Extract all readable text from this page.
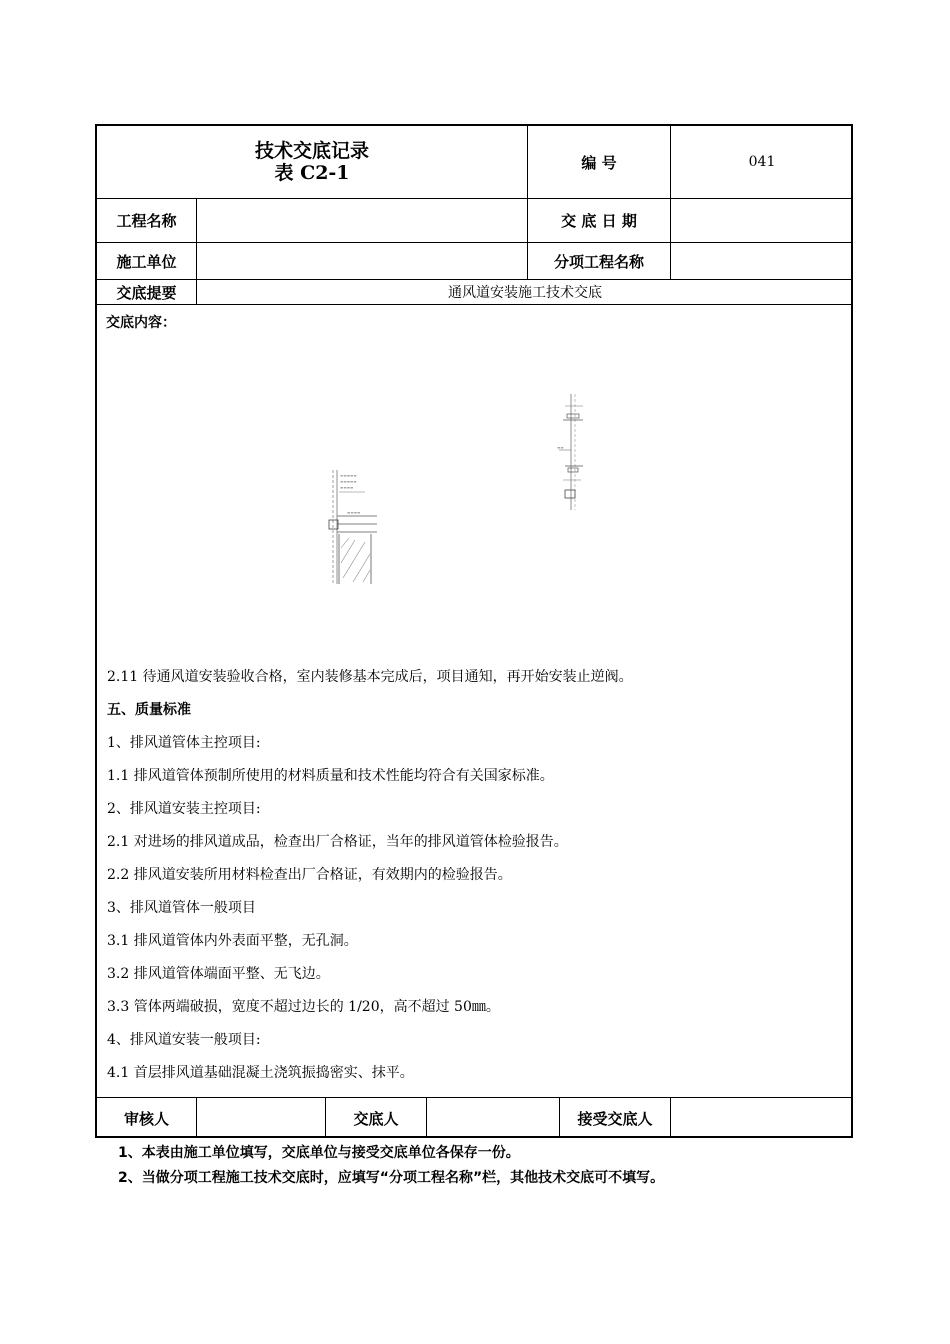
技术交底记录
表 C2-1	编 号	041
工程名称	交 底 日 期
施工单位	分项工程名称
交底提要	通风道安装施工技术交底
交底内容：
≡≡≡≡≡
≡≡≡≡≡
≡≡≡≡
≡≡≡≡
≡≡
2.11 待通风道安装验收合格，室内装修基本完成后，项目通知，再开始安装止逆阀。
五、质量标准
1、排风道管体主控项目:
1.1 排风道管体预制所使用的材料质量和技术性能均符合有关国家标准。
2、排风道安装主控项目:
2.1 对进场的排风道成品，检查出厂合格证，当年的排风道管体检验报告。
2.2 排风道安装所用材料检查出厂合格证，有效期内的检验报告。
3、排风道管体一般项目
3.1 排风道管体内外表面平整，无孔洞。
3.2 排风道管体端面平整、无飞边。
3.3 管体两端破损，宽度不超过边长的 1/20，高不超过 50㎜。
4、排风道安装一般项目:
4.1 首层排风道基础混凝土浇筑振捣密实、抹平。
审核人	交底人	接受交底人
1、本表由施工单位填写，交底单位与接受交底单位各保存一份。
2、当做分项工程施工技术交底时，应填写“分项工程名称”栏，其他技术交底可不填写。
